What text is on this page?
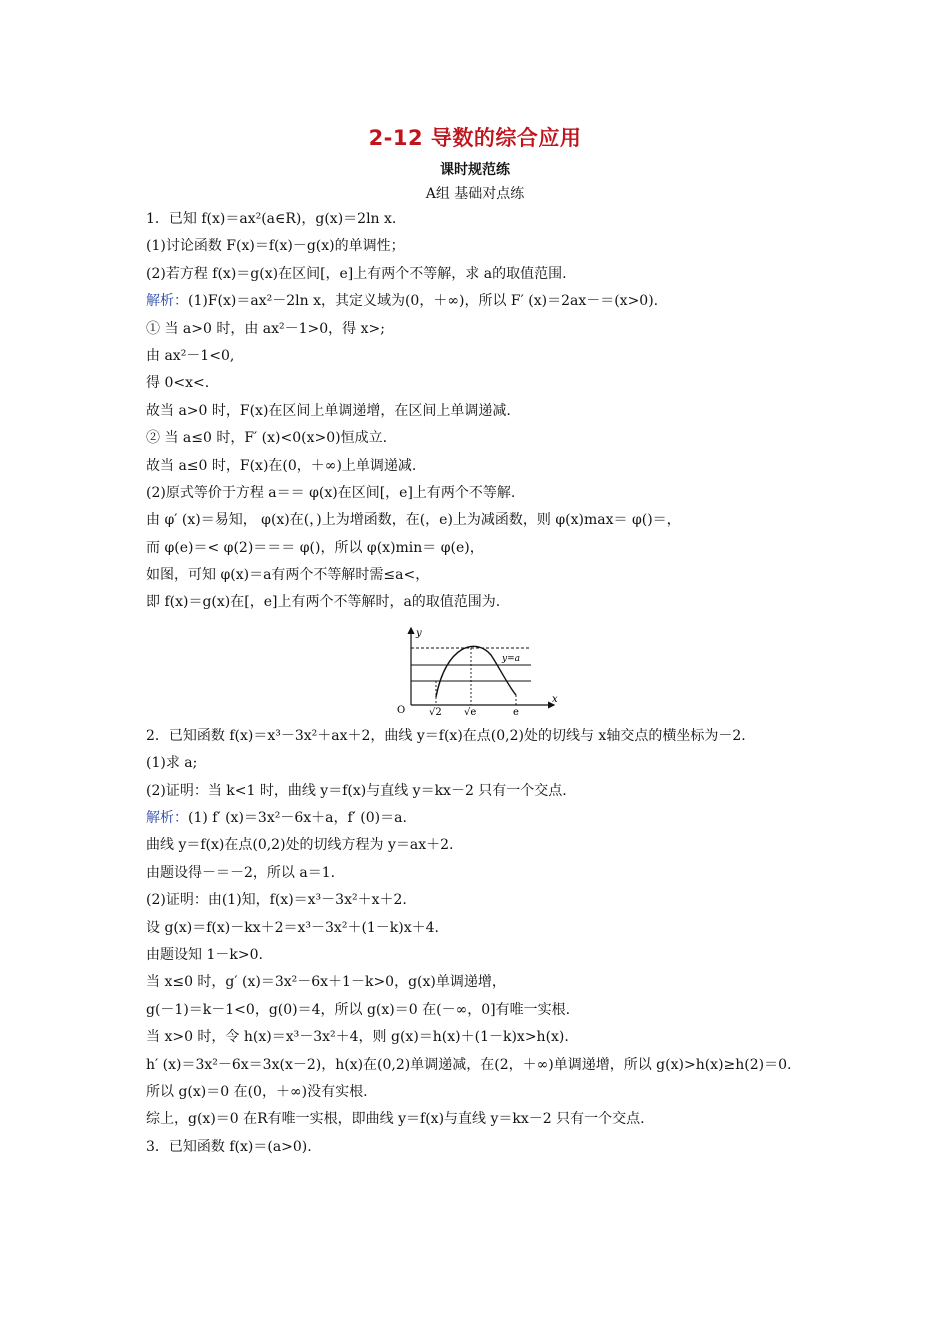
2-12 导数的综合应用
课时规范练
A组 基础对点练
1．已知 f(x)＝ax²(a∈R)，g(x)＝2ln x.
(1)讨论函数 F(x)＝f(x)－g(x)的单调性；
(2)若方程 f(x)＝g(x)在区间[，e]上有两个不等解，求 a的取值范围.
解析：(1)F(x)＝ax²－2ln x，其定义域为(0，＋∞)，所以 F′ (x)＝2ax－＝(x>0).
① 当 a>0 时，由 ax²－1>0，得 x>;
由 ax²－1<0,
得 0<x<.
故当 a>0 时，F(x)在区间上单调递增，在区间上单调递减.
② 当 a≤0 时，F′ (x)<0(x>0)恒成立.
故当 a≤0 时，F(x)在(0，＋∞)上单调递减.
(2)原式等价于方程 a＝＝ φ(x)在区间[，e]上有两个不等解.
由 φ′ (x)＝易知， φ(x)在(，)上为增函数，在(，e)上为减函数，则 φ(x)max＝ φ()＝，
而 φ(e)＝< φ(2)＝＝＝ φ()，所以 φ(x)min＝ φ(e)，
如图，可知 φ(x)＝a有两个不等解时需≤a<，
即 f(x)＝g(x)在[，e]上有两个不等解时，a的取值范围为.
y
x
O
y=a
√2 √e	e
2．已知函数 f(x)＝x³－3x²＋ax＋2，曲线 y＝f(x)在点(0,2)处的切线与 x轴交点的横坐标为－2.
(1)求 a;
(2)证明：当 k<1 时，曲线 y＝f(x)与直线 y＝kx－2 只有一个交点.
解析：(1) f′ (x)＝3x²－6x＋a，f′ (0)＝a.
曲线 y＝f(x)在点(0,2)处的切线方程为 y＝ax＋2.
由题设得－＝－2，所以 a＝1.
(2)证明：由(1)知，f(x)＝x³－3x²＋x＋2.
设 g(x)＝f(x)－kx＋2＝x³－3x²＋(1－k)x＋4.
由题设知 1－k>0.
当 x≤0 时，g′ (x)＝3x²－6x＋1－k>0，g(x)单调递增，
g(－1)＝k－1<0，g(0)＝4，所以 g(x)＝0 在(－∞，0]有唯一实根.
当 x>0 时，令 h(x)＝x³－3x²＋4，则 g(x)＝h(x)＋(1－k)x>h(x).
h′ (x)＝3x²－6x＝3x(x－2)，h(x)在(0,2)单调递减，在(2，＋∞)单调递增，所以 g(x)>h(x)≥h(2)＝0.
所以 g(x)＝0 在(0，＋∞)没有实根.
综上，g(x)＝0 在R有唯一实根，即曲线 y＝f(x)与直线 y＝kx－2 只有一个交点.
3．已知函数 f(x)＝(a>0).
